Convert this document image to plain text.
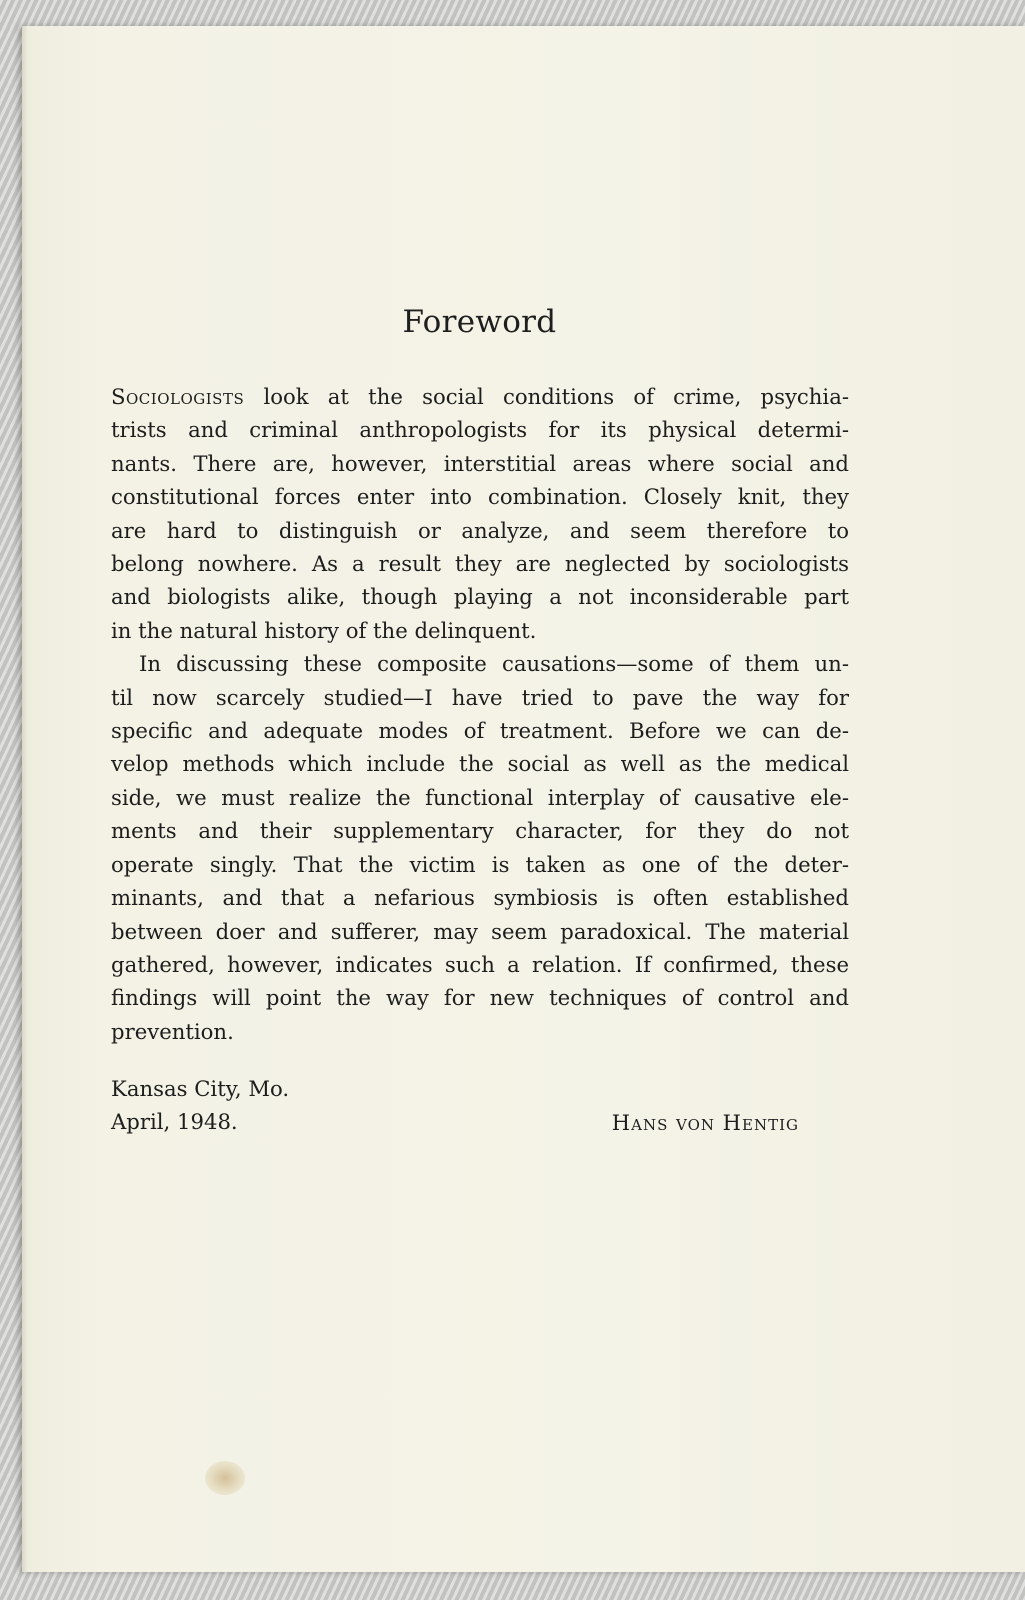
Foreword
Sociologists look at the social conditions of crime, psychia-
trists and criminal anthropologists for its physical determi-
nants. There are, however, interstitial areas where social and
constitutional forces enter into combination. Closely knit, they
are hard to distinguish or analyze, and seem therefore to
belong nowhere. As a result they are neglected by sociologists
and biologists alike, though playing a not inconsiderable part
in the natural history of the delinquent.
In discussing these composite causations—some of them un-
til now scarcely studied—I have tried to pave the way for
specific and adequate modes of treatment. Before we can de-
velop methods which include the social as well as the medical
side, we must realize the functional interplay of causative ele-
ments and their supplementary character, for they do not
operate singly. That the victim is taken as one of the deter-
minants, and that a nefarious symbiosis is often established
between doer and sufferer, may seem paradoxical. The material
gathered, however, indicates such a relation. If confirmed, these
findings will point the way for new techniques of control and
prevention.
Kansas City, Mo.
April, 1948.	Hans von Hentig
